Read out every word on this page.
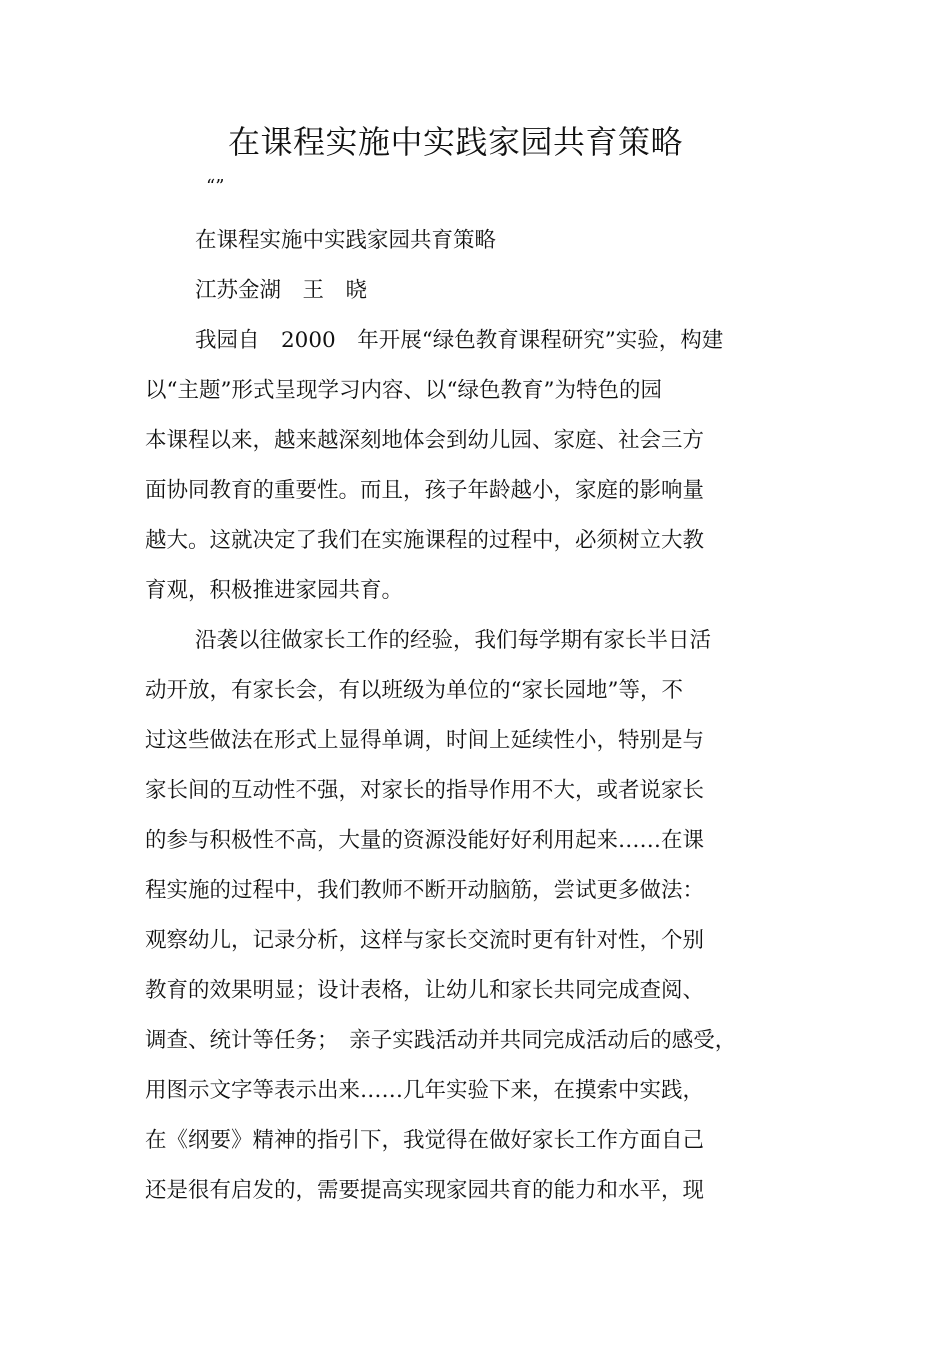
在课程实施中实践家园共育策略
“”
在课程实施中实践家园共育策略
江苏金湖　王　晓
我园自　2000　年开展“绿色教育课程研究”实验，构建
以“主题”形式呈现学习内容、以“绿色教育”为特色的园
本课程以来，越来越深刻地体会到幼儿园、家庭、社会三方
面协同教育的重要性。而且，孩子年龄越小，家庭的影响量
越大。这就决定了我们在实施课程的过程中，必须树立大教
育观，积极推进家园共育。
沿袭以往做家长工作的经验，我们每学期有家长半日活
动开放，有家长会，有以班级为单位的“家长园地”等，不
过这些做法在形式上显得单调，时间上延续性小，特别是与
家长间的互动性不强，对家长的指导作用不大，或者说家长
的参与积极性不高，大量的资源没能好好利用起来……在课
程实施的过程中，我们教师不断开动脑筋，尝试更多做法：
观察幼儿，记录分析，这样与家长交流时更有针对性，个别
教育的效果明显；设计表格，让幼儿和家长共同完成查阅、
调查、统计等任务；　亲子实践活动并共同完成活动后的感受，
用图示文字等表示出来……几年实验下来，在摸索中实践，
在《纲要》精神的指引下，我觉得在做好家长工作方面自己
还是很有启发的，需要提高实现家园共育的能力和水平，现
